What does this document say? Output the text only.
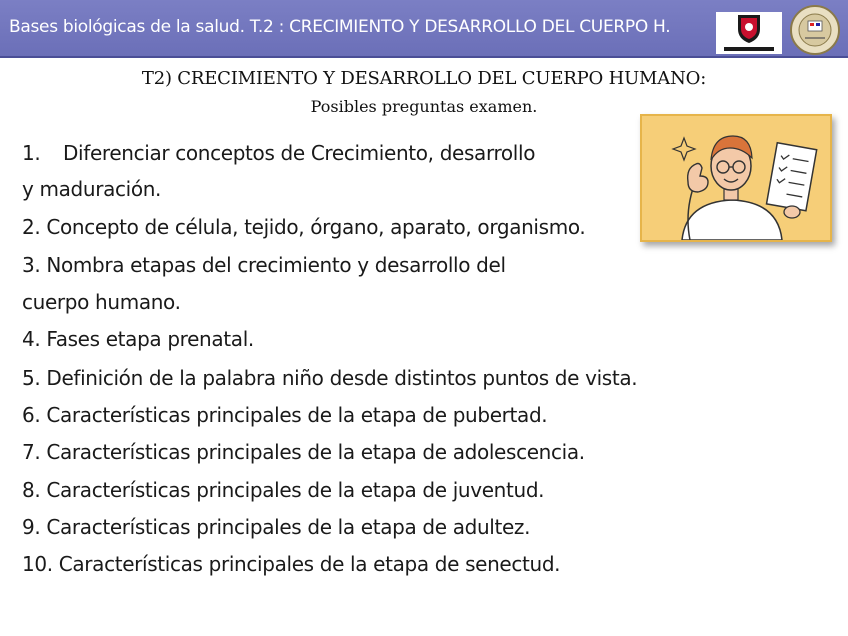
Bases biológicas de la salud. T.2 : CRECIMIENTO Y DESARROLLO DEL CUERPO H.
T2) CRECIMIENTO Y DESARROLLO DEL CUERPO HUMANO:
Posibles preguntas examen.
1. Diferenciar conceptos de Crecimiento, desarrollo
y maduración.
2. Concepto de célula, tejido, órgano, aparato, organismo.
3. Nombra etapas del crecimiento y desarrollo del
cuerpo humano.
4. Fases etapa prenatal.
5. Definición de la palabra niño desde distintos puntos de vista.
6. Características principales de la etapa de pubertad.
7. Características principales de la etapa de adolescencia.
8. Características principales de la etapa de juventud.
9. Características principales de la etapa de adultez.
10. Características principales de la etapa de senectud.
